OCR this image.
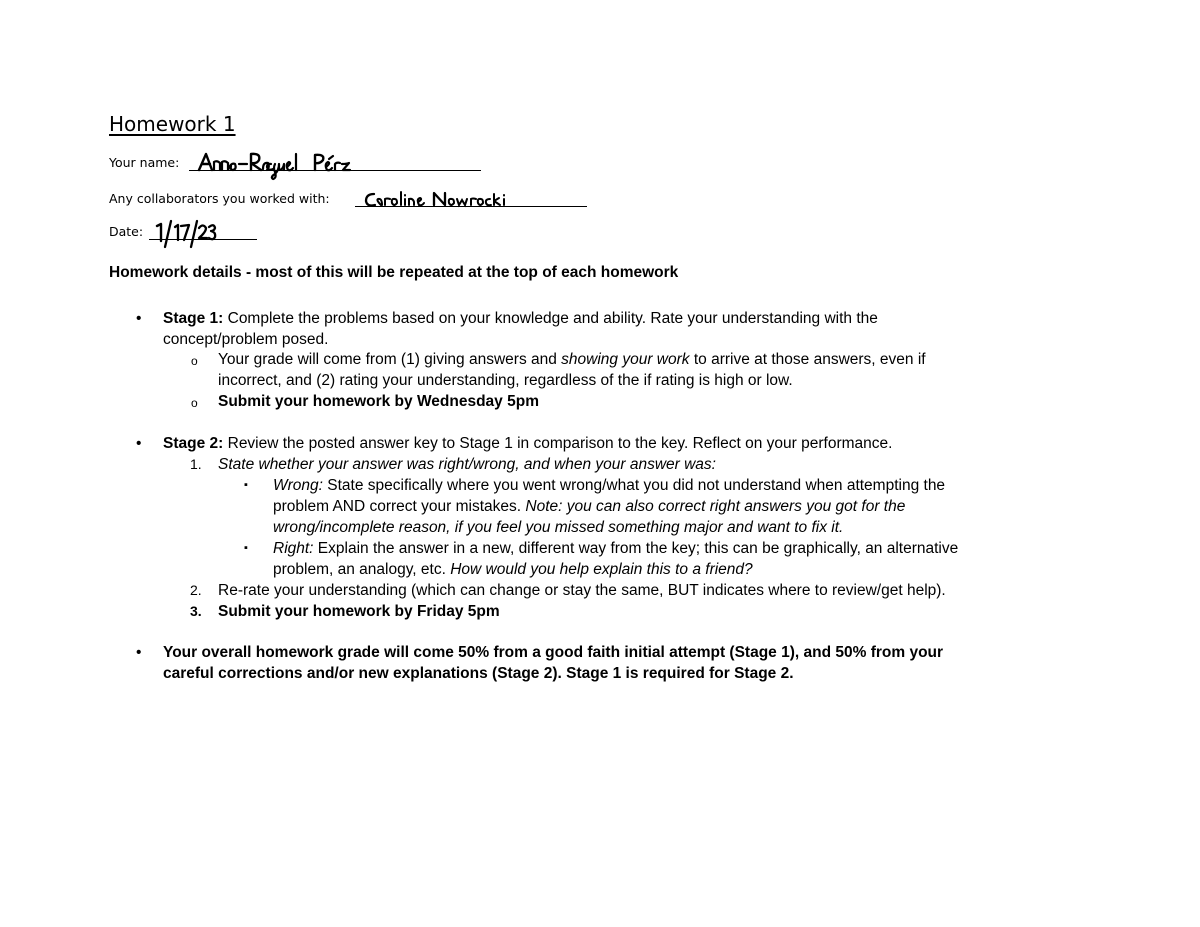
Homework 1
Your name:
Any collaborators you worked with:
Date:
Homework details - most of this will be repeated at the top of each homework
• Stage 1: Complete the problems based on your knowledge and ability. Rate your understanding with the
concept/problem posed.
o Your grade will come from (1) giving answers and showing your work to arrive at those answers, even if
incorrect, and (2) rating your understanding, regardless of the if rating is high or low.
o Submit your homework by Wednesday 5pm
• Stage 2: Review the posted answer key to Stage 1 in comparison to the key. Reflect on your performance.
1. State whether your answer was right/wrong, and when your answer was:
▪ Wrong: State specifically where you went wrong/what you did not understand when attempting the
problem AND correct your mistakes. Note: you can also correct right answers you got for the
wrong/incomplete reason, if you feel you missed something major and want to fix it.
▪ Right: Explain the answer in a new, different way from the key; this can be graphically, an alternative
problem, an analogy, etc. How would you help explain this to a friend?
2. Re-rate your understanding (which can change or stay the same, BUT indicates where to review/get help).
3. Submit your homework by Friday 5pm
• Your overall homework grade will come 50% from a good faith initial attempt (Stage 1), and 50% from your
careful corrections and/or new explanations (Stage 2). Stage 1 is required for Stage 2.
